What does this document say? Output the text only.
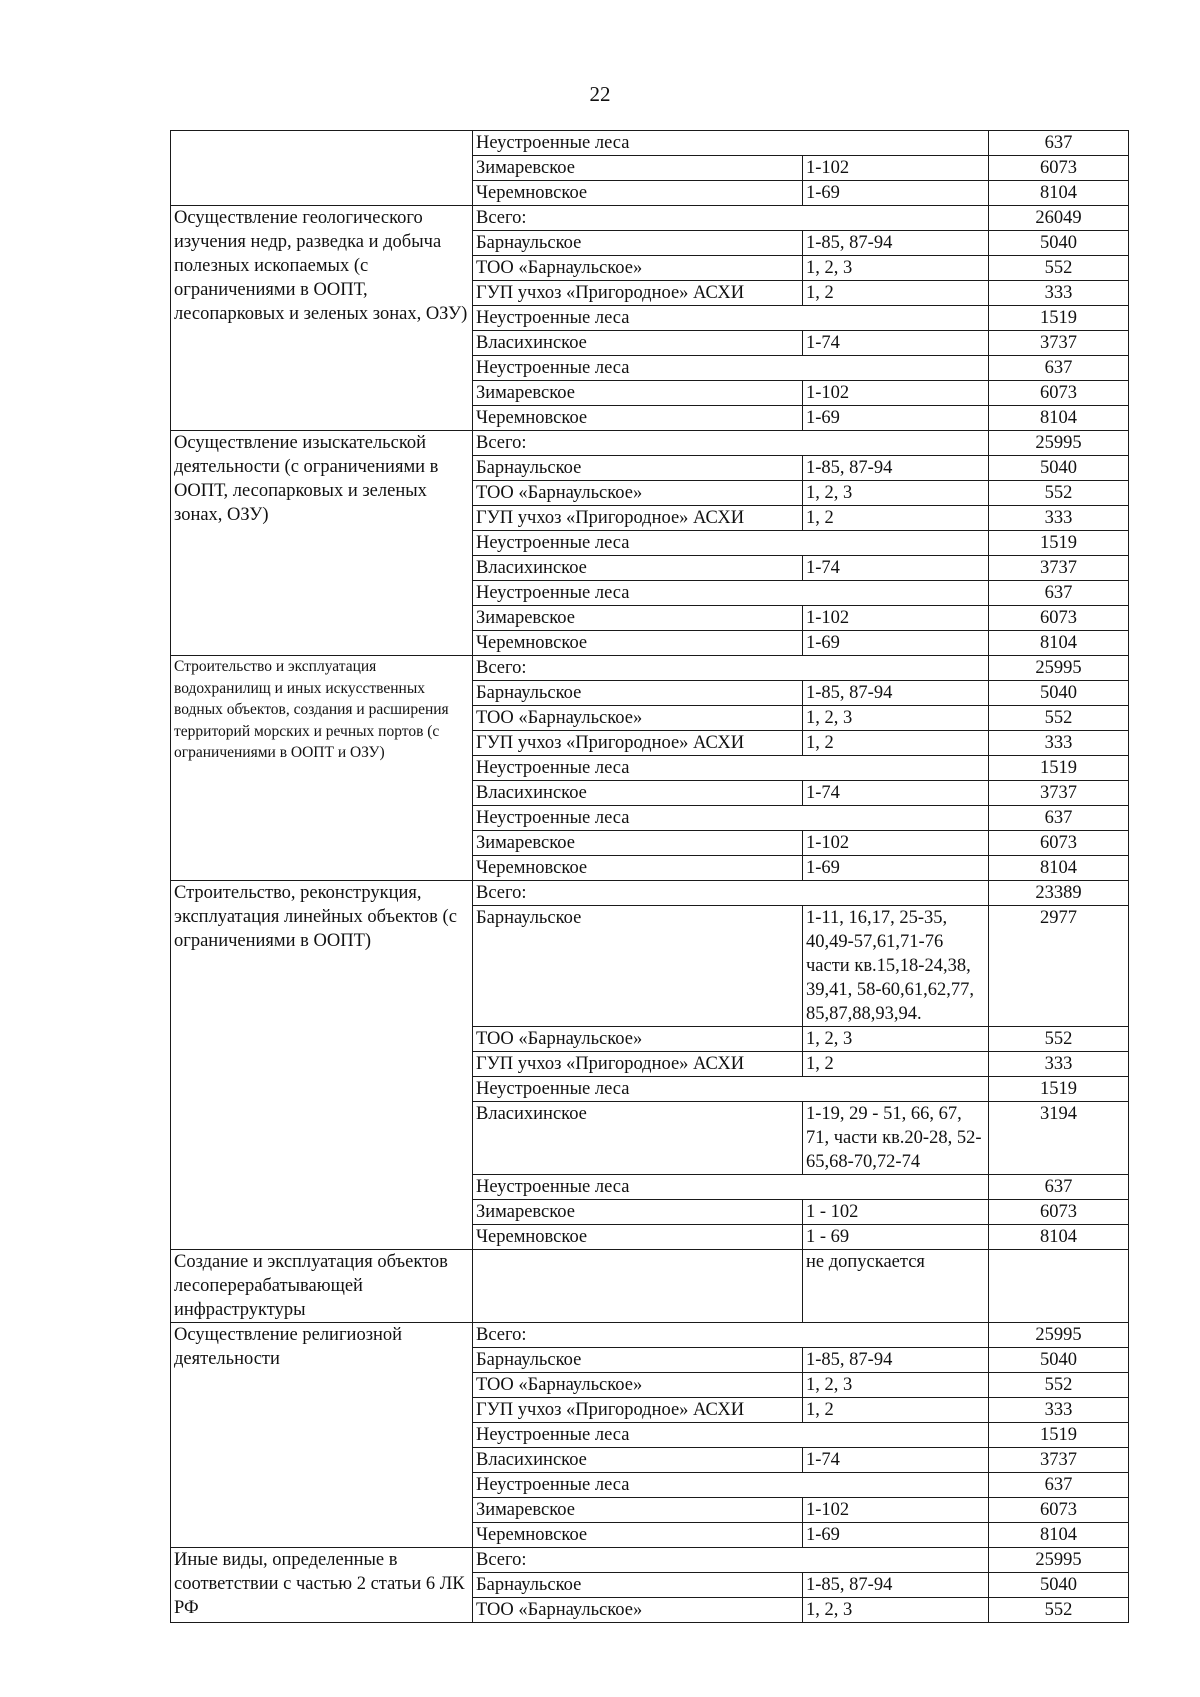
22
	Неустроенные леса		637
	Зимаревское	1-102	6073
	Черемновское	1-69	8104
Осуществление геологического изучения недр, разведка и добыча полезных ископаемых (с ограничениями в ООПТ, лесопарковых и зеленых зонах, ОЗУ)	Всего:		26049
	Барнаульское	1-85, 87-94	5040
	ТОО «Барнаульское»	1, 2, 3	552
	ГУП учхоз «Пригородное» АСХИ	1, 2	333
	Неустроенные леса		1519
	Власихинское	1-74	3737
	Неустроенные леса		637
	Зимаревское	1-102	6073
	Черемновское	1-69	8104
Осуществление изыскательской деятельности (с ограничениями в ООПТ, лесопарковых и зеленых зонах, ОЗУ)	Всего:		25995
	Барнаульское	1-85, 87-94	5040
	ТОО «Барнаульское»	1, 2, 3	552
	ГУП учхоз «Пригородное» АСХИ	1, 2	333
	Неустроенные леса		1519
	Власихинское	1-74	3737
	Неустроенные леса		637
	Зимаревское	1-102	6073
	Черемновское	1-69	8104
Строительство и эксплуатация водохранилищ и иных искусственных водных объектов, создания и расширения территорий морских и речных портов (с ограничениями в ООПТ и ОЗУ)	Всего:		25995
	Барнаульское	1-85, 87-94	5040
	ТОО «Барнаульское»	1, 2, 3	552
	ГУП учхоз «Пригородное» АСХИ	1, 2	333
	Неустроенные леса		1519
	Власихинское	1-74	3737
	Неустроенные леса		637
	Зимаревское	1-102	6073
	Черемновское	1-69	8104
Строительство, реконструкция, эксплуатация линейных объектов (с ограничениями в ООПТ)	Всего:		23389
	Барнаульское	1-11, 16,17, 25-35, 40,49-57,61,71-76 части кв.15,18-24,38, 39,41, 58-60,61,62,77, 85,87,88,93,94.	2977
	ТОО «Барнаульское»	1, 2, 3	552
	ГУП учхоз «Пригородное» АСХИ	1, 2	333
	Неустроенные леса		1519
	Власихинское	1-19, 29 - 51, 66, 67, 71, части кв.20-28, 52-65,68-70,72-74	3194
	Неустроенные леса		637
	Зимаревское	1 - 102	6073
	Черемновское	1 - 69	8104
Создание и эксплуатация объектов лесоперерабатывающей инфраструктуры		не допускается	
Осуществление религиозной деятельности	Всего:		25995
	Барнаульское	1-85, 87-94	5040
	ТОО «Барнаульское»	1, 2, 3	552
	ГУП учхоз «Пригородное» АСХИ	1, 2	333
	Неустроенные леса		1519
	Власихинское	1-74	3737
	Неустроенные леса		637
	Зимаревское	1-102	6073
	Черемновское	1-69	8104
Иные виды, определенные в соответствии с частью 2 статьи 6 ЛК РФ	Всего:		25995
	Барнаульское	1-85, 87-94	5040
	ТОО «Барнаульское»	1, 2, 3	552
